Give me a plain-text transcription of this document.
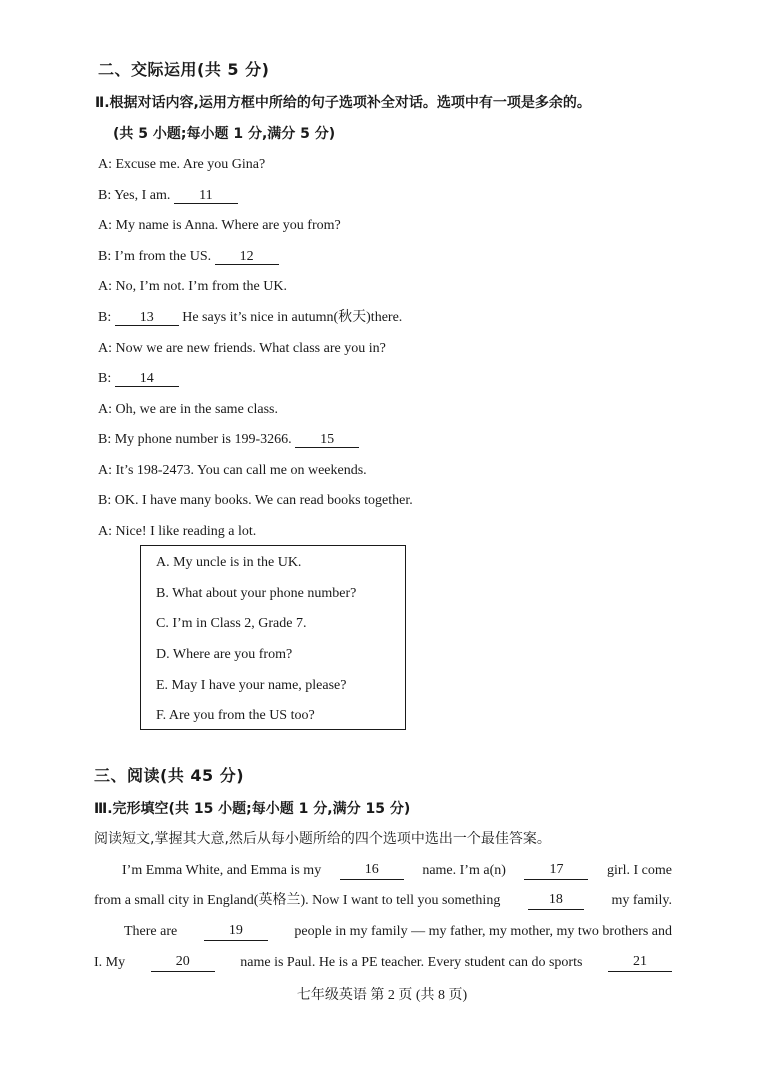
二、交际运用(共 5 分)
Ⅱ.根据对话内容,运用方框中所给的句子选项补全对话。选项中有一项是多余的。
(共 5 小题;每小题 1 分,满分 5 分)
A: Excuse me. Are you Gina?
B: Yes, I am. 11
A: My name is Anna. Where are you from?
B: I’m from the US. 12
A: No, I’m not. I’m from the UK.
B: 13 He says it’s nice in autumn(秋天)there.
A: Now we are new friends. What class are you in?
B: 14
A: Oh, we are in the same class.
B: My phone number is 199-3266. 15
A: It’s 198-2473. You can call me on weekends.
B: OK. I have many books. We can read books together.
A: Nice! I like reading a lot.
A. My uncle is in the UK.
B. What about your phone number?
C. I’m in Class 2, Grade 7.
D. Where are you from?
E. May I have your name, please?
F. Are you from the US too?
三、阅读(共 45 分)
Ⅲ.完形填空(共 15 小题;每小题 1 分,满分 15 分)
阅读短文,掌握其大意,然后从每小题所给的四个选项中选出一个最佳答案。
I’m Emma White, and Emma is my	16	name. I’m a(n)	17	girl. I come
from a small city in England(英格兰). Now I want to tell you something	18	my family.
There are	19	people in my family — my father, my mother, my two brothers and
I. My	20	name is Paul. He is a PE teacher. Every student can do sports	21
七年级英语 第 2 页 (共 8 页)
